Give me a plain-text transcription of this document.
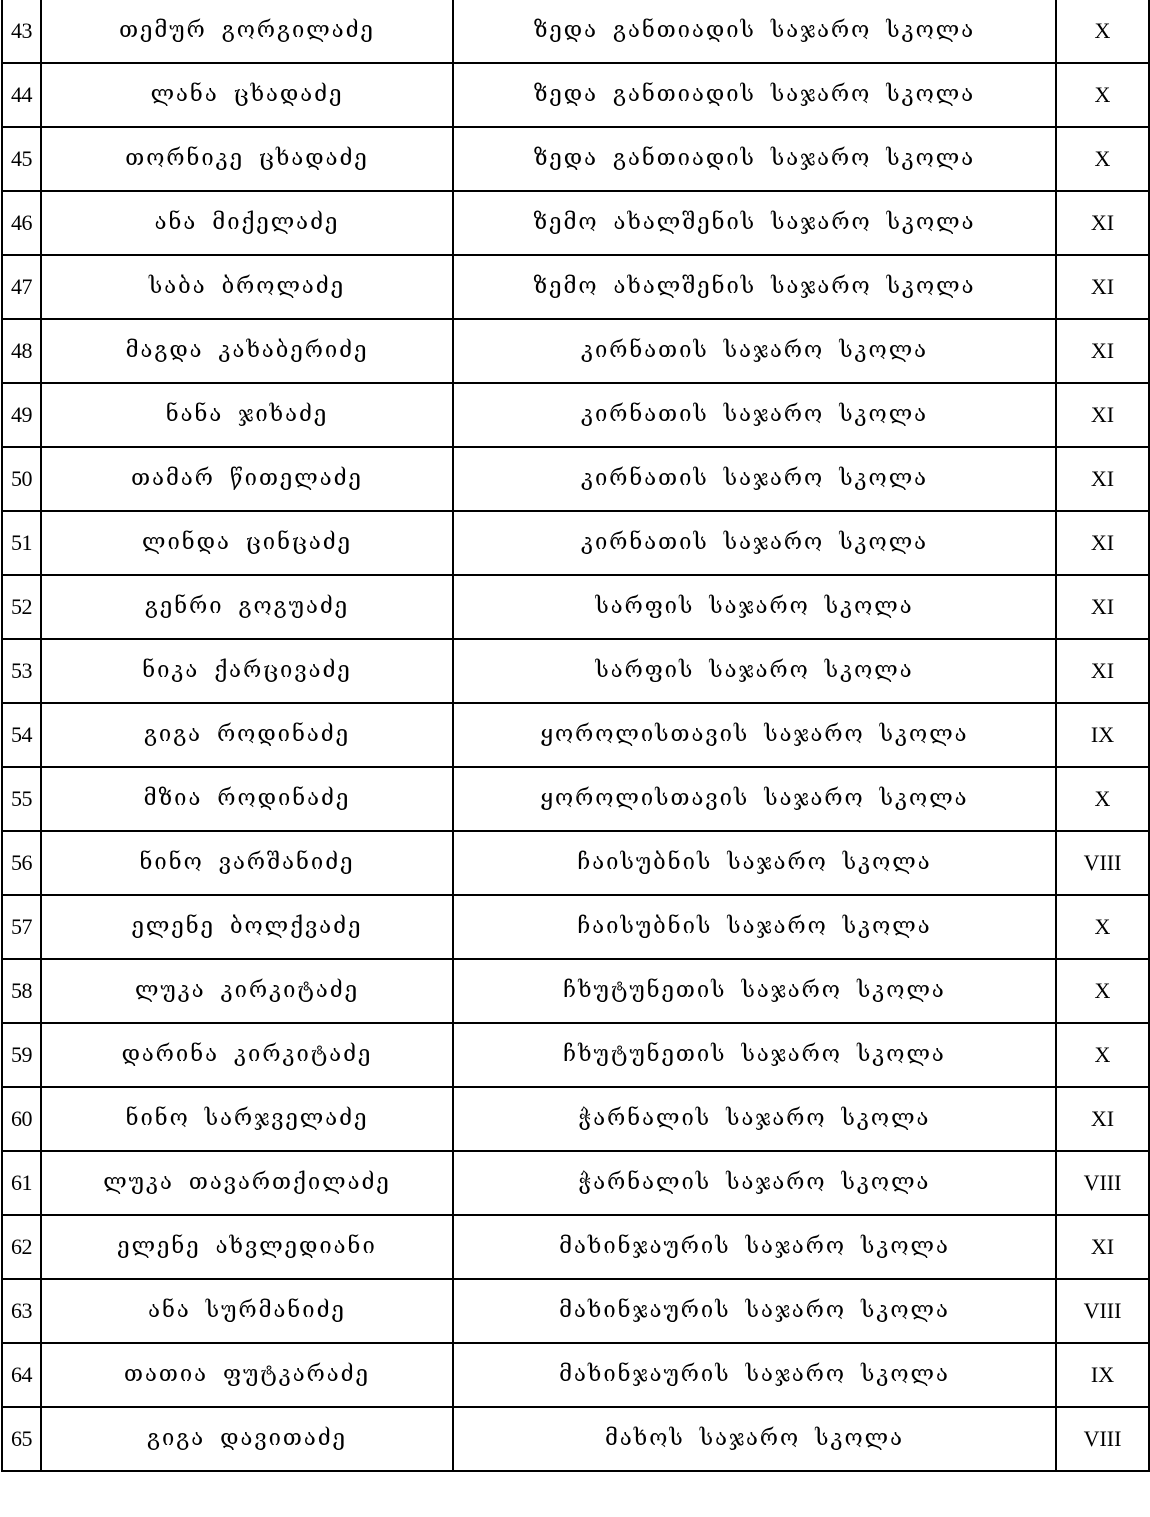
43	თემურ გორგილაძე	ზედა განთიადის საჯარო სკოლა	X
44	ლანა ცხადაძე	ზედა განთიადის საჯარო სკოლა	X
45	თორნიკე ცხადაძე	ზედა განთიადის საჯარო სკოლა	X
46	ანა მიქელაძე	ზემო ახალშენის საჯარო სკოლა	XI
47	საბა ბროლაძე	ზემო ახალშენის საჯარო სკოლა	XI
48	მაგდა კახაბერიძე	კირნათის საჯარო სკოლა	XI
49	ნანა ჯიხაძე	კირნათის საჯარო სკოლა	XI
50	თამარ წითელაძე	კირნათის საჯარო სკოლა	XI
51	ლინდა ცინცაძე	კირნათის საჯარო სკოლა	XI
52	გენრი გოგუაძე	სარფის საჯარო სკოლა	XI
53	ნიკა ქარცივაძე	სარფის საჯარო სკოლა	XI
54	გიგა როდინაძე	ყოროლისთავის საჯარო სკოლა	IX
55	მზია როდინაძე	ყოროლისთავის საჯარო სკოლა	X
56	ნინო ვარშანიძე	ჩაისუბნის საჯარო სკოლა	VIII
57	ელენე ბოლქვაძე	ჩაისუბნის საჯარო სკოლა	X
58	ლუკა კირკიტაძე	ჩხუტუნეთის საჯარო სკოლა	X
59	დარინა კირკიტაძე	ჩხუტუნეთის საჯარო სკოლა	X
60	ნინო სარჯველაძე	ჭარნალის საჯარო სკოლა	XI
61	ლუკა თავართქილაძე	ჭარნალის საჯარო სკოლა	VIII
62	ელენე ახვლედიანი	მახინჯაურის საჯარო სკოლა	XI
63	ანა სურმანიძე	მახინჯაურის საჯარო სკოლა	VIII
64	თათია ფუტკარაძე	მახინჯაურის საჯარო სკოლა	IX
65	გიგა დავითაძე	მახოს საჯარო სკოლა	VIII
